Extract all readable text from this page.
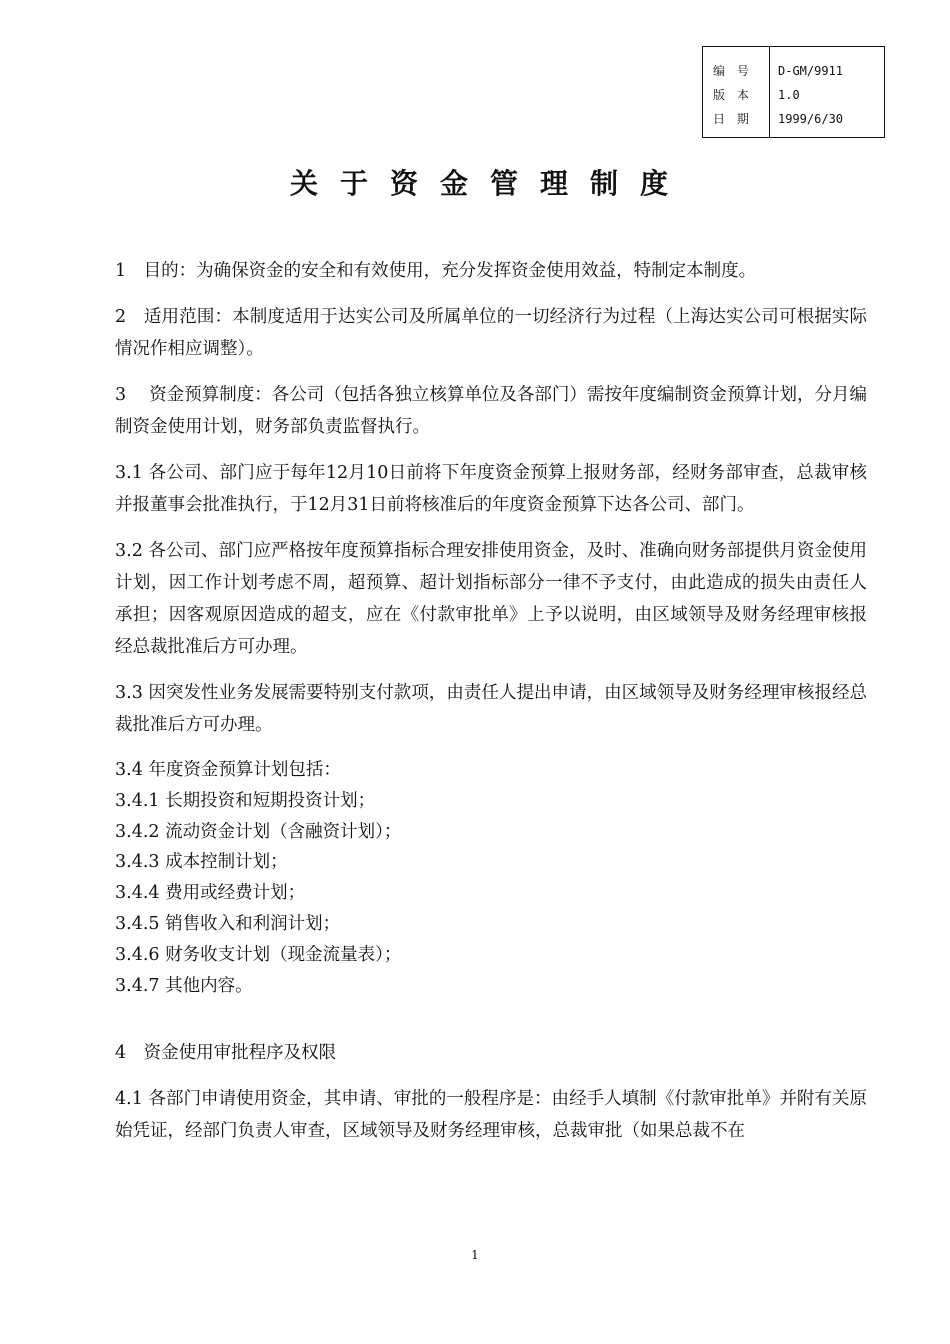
编 号	D-GM/9911
版 本	1.0
日 期	1999/6/30
关于资金管理制度

1　目的：为确保资金的安全和有效使用，充分发挥资金使用效益，特制定本制度。

2　适用范围：本制度适用于达实公司及所属单位的一切经济行为过程（上海达实公司可根据实际情况作相应调整）。

3　 资金预算制度：各公司（包括各独立核算单位及各部门）需按年度编制资金预算计划，分月编制资金使用计划，财务部负责监督执行。

3.1 各公司、部门应于每年12月10日前将下年度资金预算上报财务部，经财务部审查，总裁审核并报董事会批准执行，于12月31日前将核准后的年度资金预算下达各公司、部门。

3.2 各公司、部门应严格按年度预算指标合理安排使用资金，及时、准确向财务部提供月资金使用计划，因工作计划考虑不周，超预算、超计划指标部分一律不予支付，由此造成的损失由责任人承担；因客观原因造成的超支，应在《付款审批单》上予以说明，由区域领导及财务经理审核报经总裁批准后方可办理。

3.3 因突发性业务发展需要特别支付款项，由责任人提出申请，由区域领导及财务经理审核报经总裁批准后方可办理。

3.4 年度资金预算计划包括：
3.4.1 长期投资和短期投资计划；
3.4.2 流动资金计划（含融资计划）；
3.4.3 成本控制计划；
3.4.4 费用或经费计划；
3.4.5 销售收入和利润计划；
3.4.6 财务收支计划（现金流量表）；
3.4.7 其他内容。

4　资金使用审批程序及权限

4.1 各部门申请使用资金，其申请、审批的一般程序是：由经手人填制《付款审批单》并附有关原始凭证，经部门负责人审查，区域领导及财务经理审核，总裁审批（如果总裁不在

1
